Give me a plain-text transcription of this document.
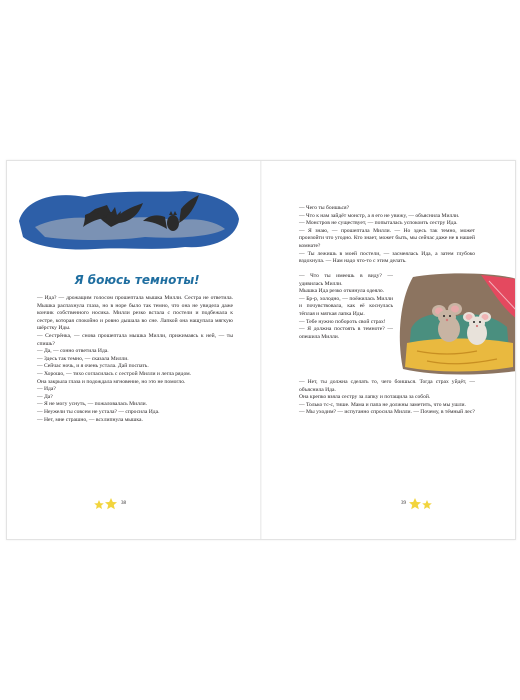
Я боюсь темноты!

— Ида? — дрожащим голосом прошептала мышка Милли. Сестра не ответила. Мышка распахнула глаза, но в норе было так темно, что она не увидела даже кончик собственного носика. Милли резко встала с постели и подбежала к сестре, которая спокойно и ровно дышала во сне. Лапкой она нащупала мягкую шёрстку Иды.

— Сестрёнка, — снова прошептала мышка Милли, прижимаясь к ней, — ты спишь?

— Да, — сонно ответила Ида.

— Здесь так темно, — сказала Милли.

— Сейчас ночь, и я очень устала. Дай поспать.

— Хорошо, — тихо согласилась с сестрой Милли и легла рядом.

Она закрыла глаза и подождала мгновение, но это не помогло.

— Ида?

— Да?

— Я не могу уснуть, — пожаловалась Милли.

— Неужели ты совсем не устала? — спросила Ида.

— Нет, мне страшно, — всхлипнула мышка.

38

— Чего ты боишься?

— Что к нам зайдёт монстр, а я его не увижу, — объяснила Милли.

— Монстров не существует, — попыталась успокоить сестру Ида.

— Я знаю, — прошептала Милли. — Но здесь так темно, может произойти что угодно. Кто знает, может быть, мы сейчас даже не в нашей комнате?

— Ты лежишь в моей постели, — засмеялась Ида, а затем глубоко вздохнула. — Нам надо что-то с этим делать.

— Что ты имеешь в виду? — удивилась Милли.

Мышка Ида резко откинула одеяло.

— Бр-р, холодно, — поёжилась Милли и почувствовала, как её коснулась тёплая и мягкая лапка Иды.

— Тебе нужно побороть свой страх!

— Я должна постоять в темноте? — опешила Милли.

— Нет, ты должна сделать то, чего боишься. Тогда страх уйдёт, — объяснила Ида.

Она крепко взяла сестру за лапку и потащила за собой.

— Только тс-с, тише. Мама и папа не должны заметить, что мы ушли.

— Мы уходим? — испуганно спросила Милли. — Почему, в тёмный лес?

39
